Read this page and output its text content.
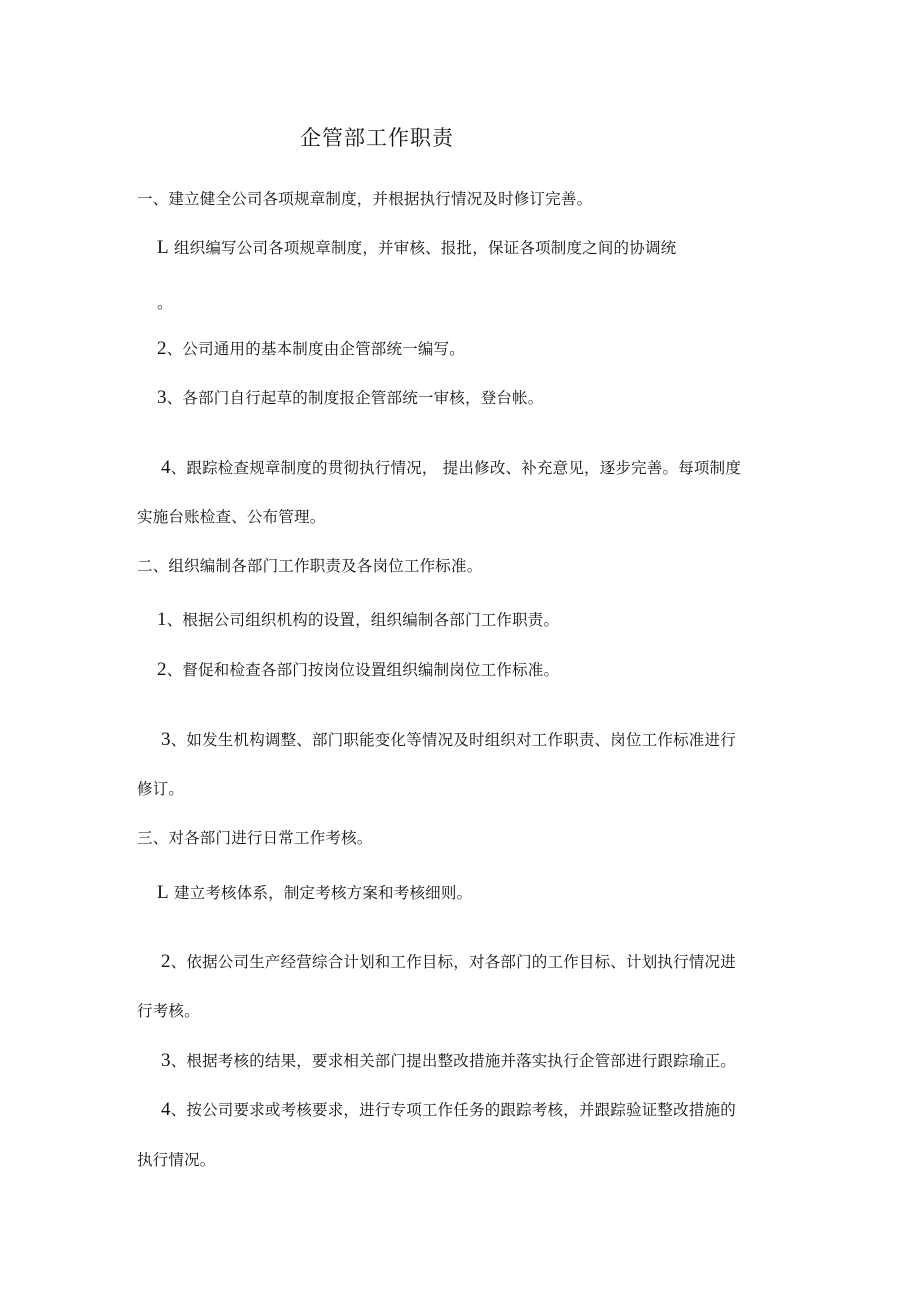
企管部工作职责
一、建立健全公司各项规章制度，并根据执行情况及时修订完善。
L 组织编写公司各项规章制度，并审核、报批，保证各项制度之间的协调统
。
2、公司通用的基本制度由企管部统一编写。
3、各部门自行起草的制度报企管部统一审核，登台帐。
4、跟踪检查规章制度的贯彻执行情况， 提出修改、补充意见，逐步完善。每项制度
实施台账检查、公布管理。
二、组织编制各部门工作职责及各岗位工作标准。
1、根据公司组织机构的设置，组织编制各部门工作职责。
2、督促和检查各部门按岗位设置组织编制岗位工作标准。
3、如发生机构调整、部门职能变化等情况及时组织对工作职责、岗位工作标准进行
修订。
三、对各部门进行日常工作考核。
L 建立考核体系，制定考核方案和考核细则。
2、依据公司生产经营综合计划和工作目标，对各部门的工作目标、计划执行情况进
行考核。
3、根据考核的结果，要求相关部门提出整改措施并落实执行企管部进行跟踪瑜正。
4、按公司要求或考核要求，进行专项工作任务的跟踪考核，并跟踪验证整改措施的
执行情况。
